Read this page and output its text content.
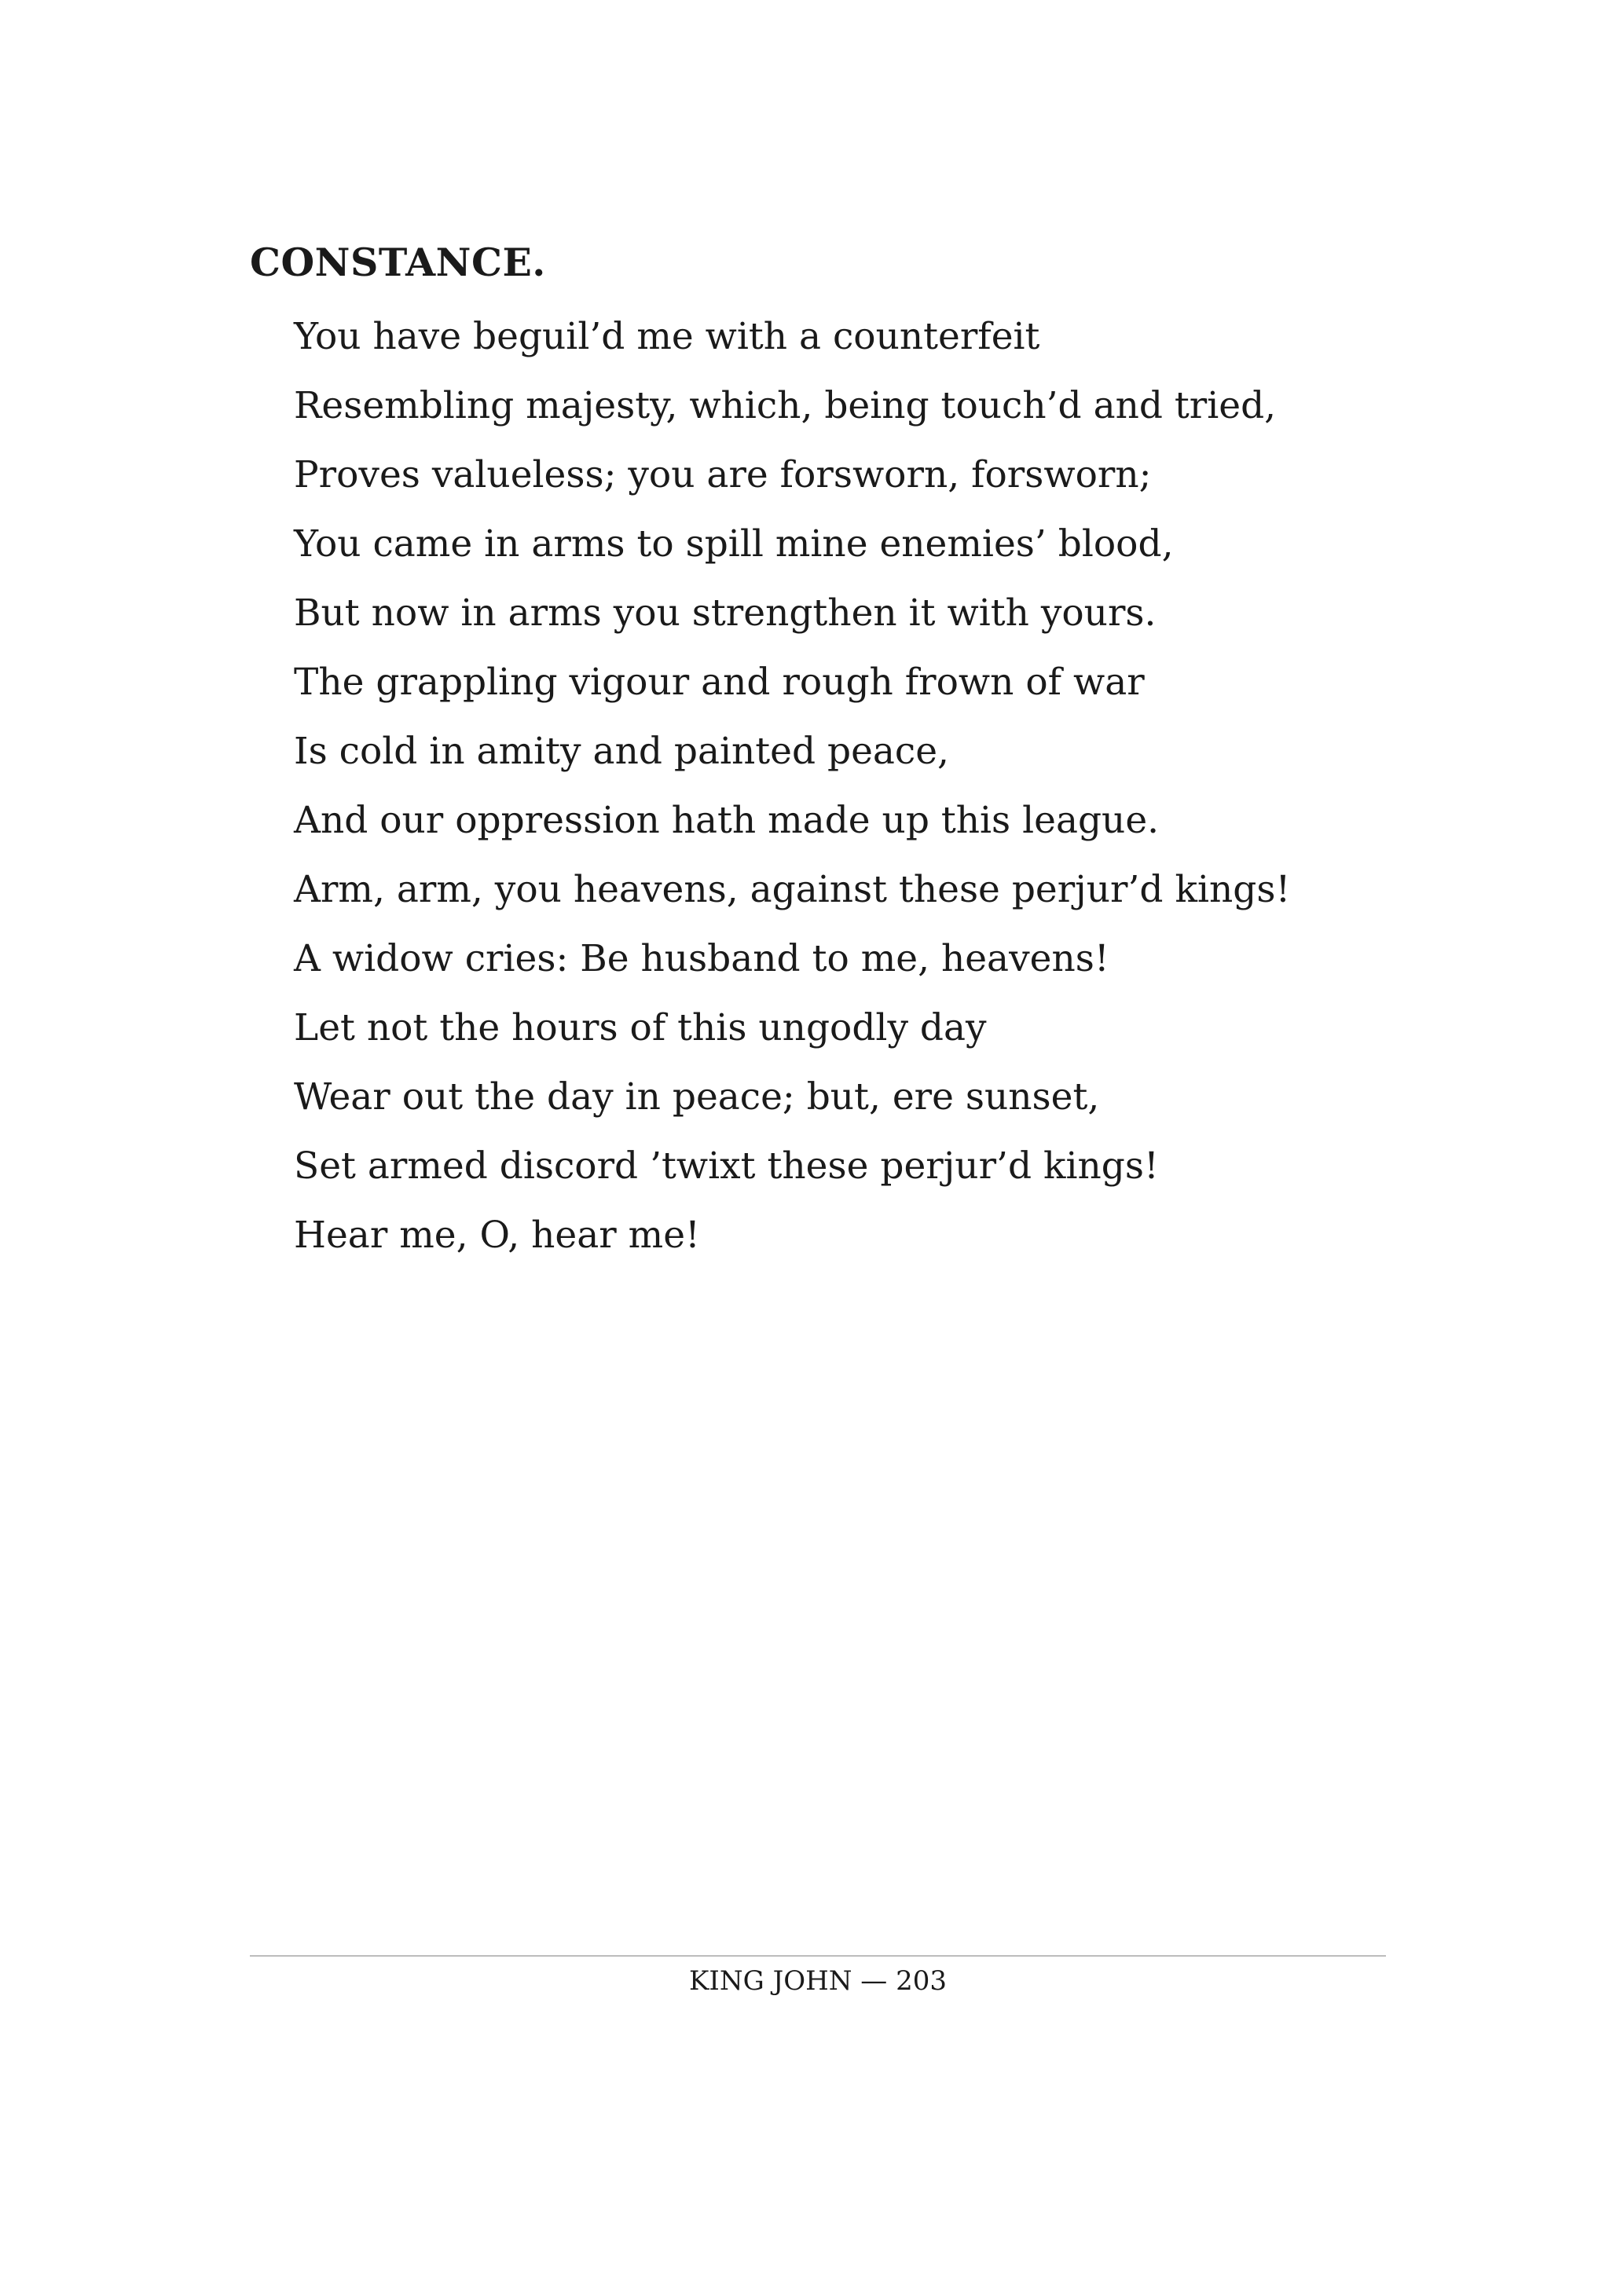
CONSTANCE.
You have beguil’d me with a counterfeit
Resembling majesty, which, being touch’d and tried,
Proves valueless; you are forsworn, forsworn;
You came in arms to spill mine enemies’ blood,
But now in arms you strengthen it with yours.
The grappling vigour and rough frown of war
Is cold in amity and painted peace,
And our oppression hath made up this league.
Arm, arm, you heavens, against these perjur’d kings!
A widow cries: Be husband to me, heavens!
Let not the hours of this ungodly day
Wear out the day in peace; but, ere sunset,
Set armed discord ’twixt these perjur’d kings!
Hear me, O, hear me!
KING JOHN — 203
